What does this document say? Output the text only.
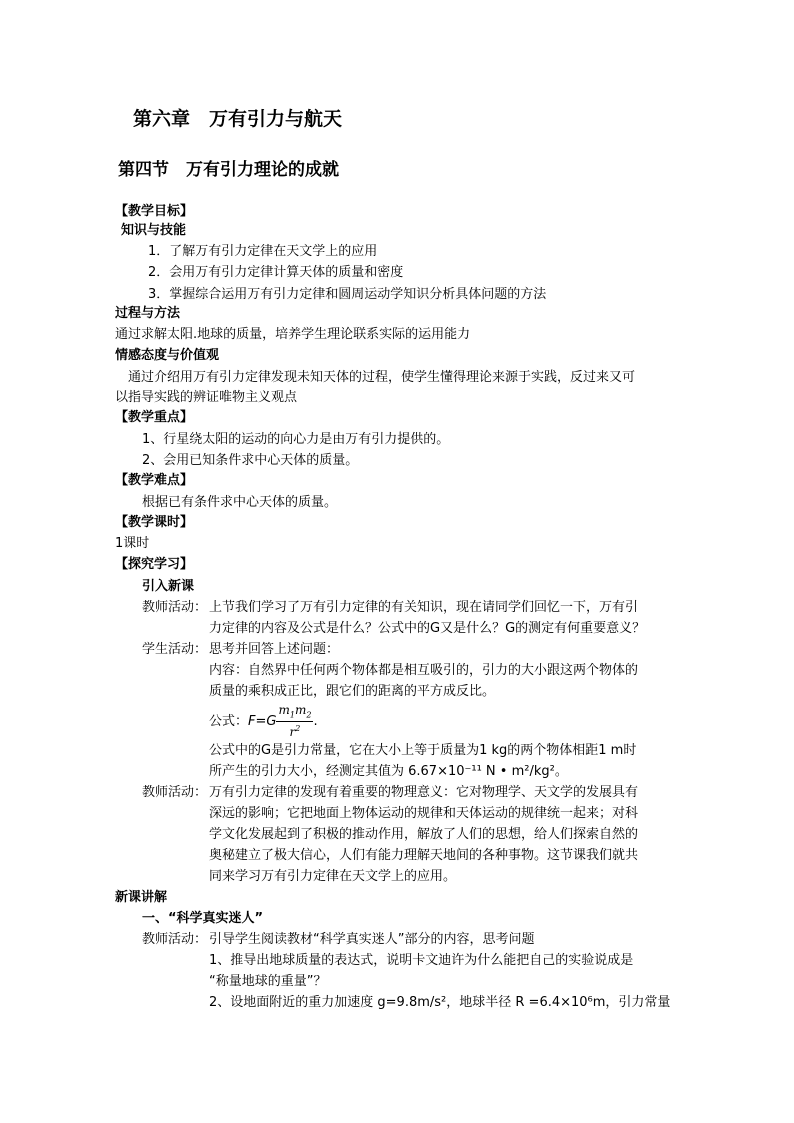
第六章　万有引力与航天
第四节　万有引力理论的成就
【教学目标】
知识与技能
1．了解万有引力定律在天文学上的应用
2．会用万有引力定律计算天体的质量和密度
3．掌握综合运用万有引力定律和圆周运动学知识分析具体问题的方法
过程与方法
通过求解太阳.地球的质量，培养学生理论联系实际的运用能力
情感态度与价值观
通过介绍用万有引力定律发现未知天体的过程，使学生懂得理论来源于实践，反过来又可
以指导实践的辨证唯物主义观点
【教学重点】
1、行星绕太阳的运动的向心力是由万有引力提供的。
2、会用已知条件求中心天体的质量。
【教学难点】
根据已有条件求中心天体的质量。
【教学课时】
1课时
【探究学习】
引入新课
教师活动： 上节我们学习了万有引力定律的有关知识，现在请同学们回忆一下，万有引
力定律的内容及公式是什么？公式中的G又是什么？G的测定有何重要意义？
学生活动： 思考并回答上述问题：
内容：自然界中任何两个物体都是相互吸引的，引力的大小跟这两个物体的
质量的乘积成正比，跟它们的距离的平方成反比。
公式：$F=G \frac{m_1m_2}{r^2}$ .
公式中的G是引力常量，它在大小上等于质量为1 kg的两个物体相距1 m时
所产生的引力大小，经测定其值为 6.67×10⁻¹¹ N • m²/kg²。
教师活动： 万有引力定律的发现有着重要的物理意义：它对物理学、天文学的发展具有
深远的影响；它把地面上物体运动的规律和天体运动的规律统一起来；对科
学文化发展起到了积极的推动作用，解放了人们的思想，给人们探索自然的
奥秘建立了极大信心，人们有能力理解天地间的各种事物。这节课我们就共
同来学习万有引力定律在天文学上的应用。
新课讲解
一、“科学真实迷人”
教师活动： 引导学生阅读教材“科学真实迷人”部分的内容，思考问题
1、推导出地球质量的表达式，说明卡文迪许为什么能把自己的实验说成是
“称量地球的重量”？
2、设地面附近的重力加速度 g=9.8m/s²，地球半径 R =6.4×10⁶m，引力常量
